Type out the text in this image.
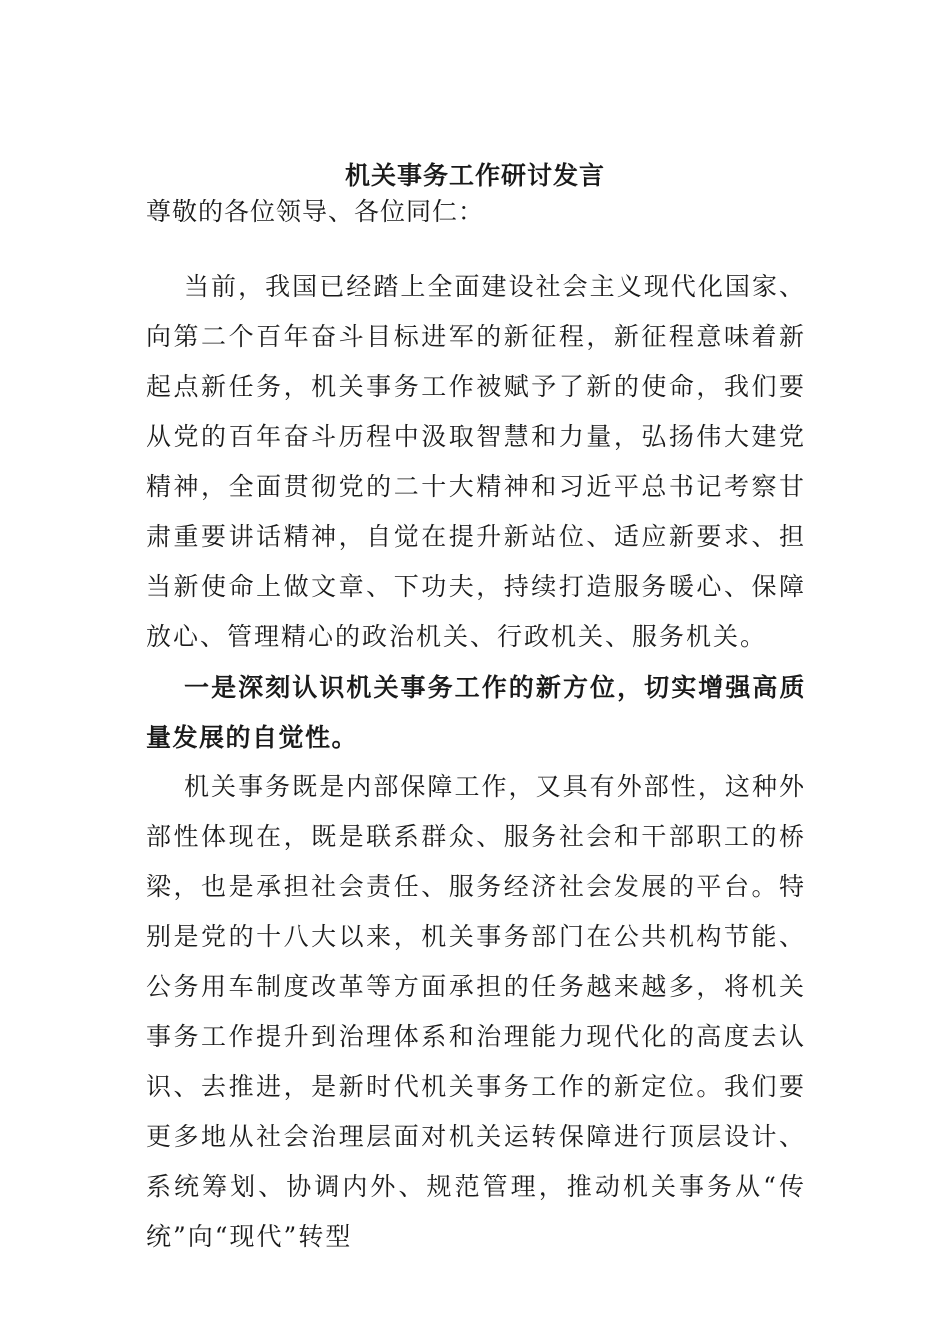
机关事务工作研讨发言

尊敬的各位领导、各位同仁：

当前，我国已经踏上全面建设社会主义现代化国家、向第二个百年奋斗目标进军的新征程，新征程意味着新起点新任务，机关事务工作被赋予了新的使命，我们要从党的百年奋斗历程中汲取智慧和力量，弘扬伟大建党精神，全面贯彻党的二十大精神和习近平总书记考察甘肃重要讲话精神，自觉在提升新站位、适应新要求、担当新使命上做文章、下功夫，持续打造服务暖心、保障放心、管理精心的政治机关、行政机关、服务机关。

一是深刻认识机关事务工作的新方位，切实增强高质量发展的自觉性。

机关事务既是内部保障工作，又具有外部性，这种外部性体现在，既是联系群众、服务社会和干部职工的桥梁，也是承担社会责任、服务经济社会发展的平台。特别是党的十八大以来，机关事务部门在公共机构节能、公务用车制度改革等方面承担的任务越来越多，将机关事务工作提升到治理体系和治理能力现代化的高度去认识、去推进，是新时代机关事务工作的新定位。我们要更多地从社会治理层面对机关运转保障进行顶层设计、系统筹划、协调内外、规范管理，推动机关事务从“传统”向“现代”转型
